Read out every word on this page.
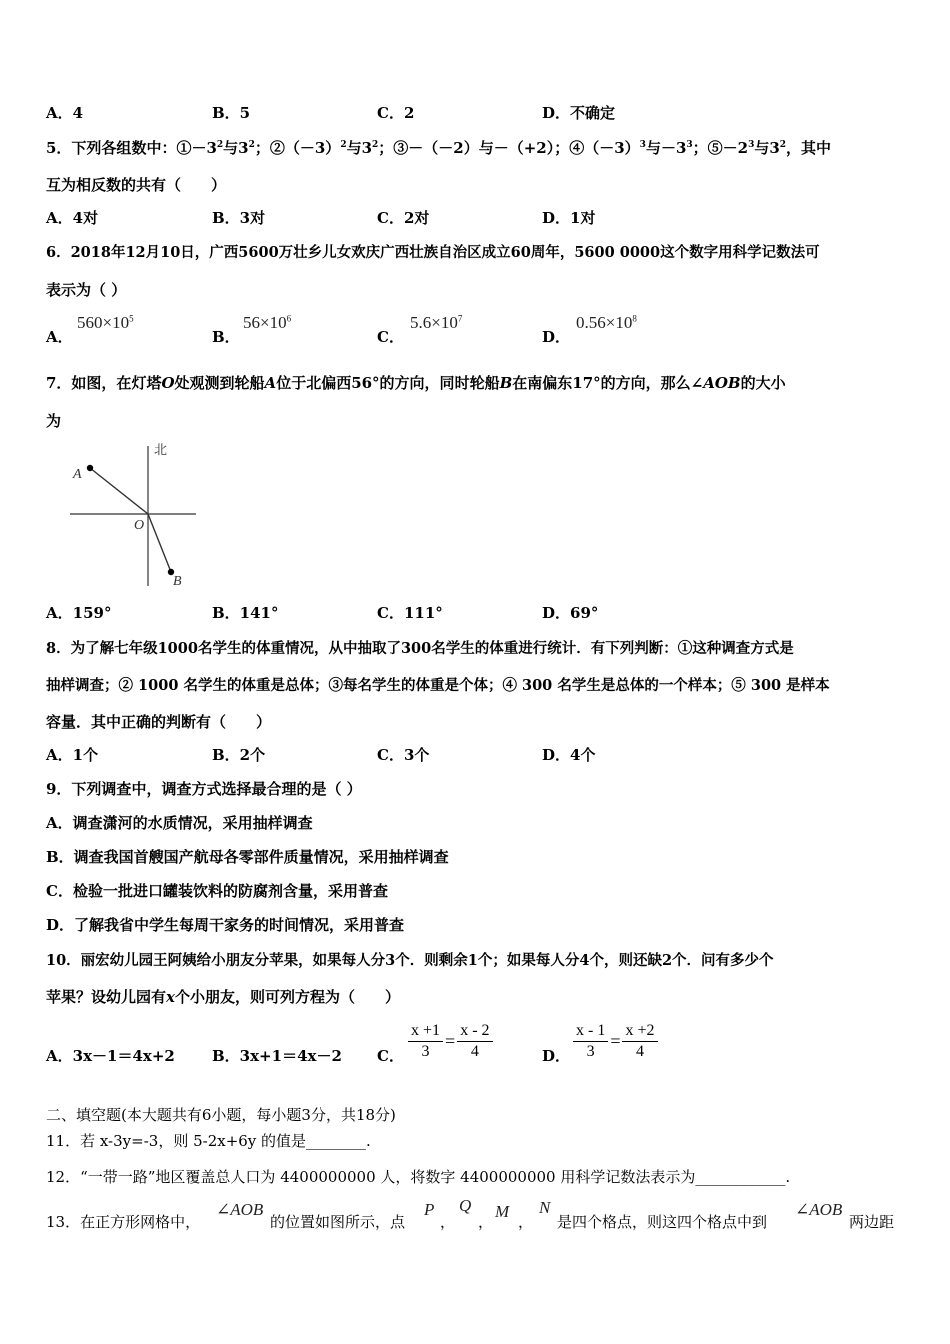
A．4	B．5	C．2	D．不确定
5．下列各组数中：$①-3^2$与$3^2$；$②(-3)^2$与$3^2$；③－（－2）与－（+2）；$④(-3)^3$与$-3^3$；$⑤-2^3$与$3^2$，其中
互为相反数的共有（　　）
A．4对	B．3对	C．2对	D．1对
6．2018年12月10日，广西5600万壮乡儿女欢庆广西壮族自治区成立60周年，5600 0000这个数字用科学记数法可
表示为（ ）
A．
$560\times 10^5$
B．
$56\times 10^6$
C．
$5.6\times 10^7$
D．
$0.56\times 10^8$
7．如图，在灯塔O处观测到轮船A位于北偏西56°的方向，同时轮船B在南偏东17°的方向，那么∠AOB的大小
为
北
A
O
B
A．159°	B．141°	C．111°	D．69°
8．为了解七年级1000名学生的体重情况，从中抽取了300名学生的体重进行统计．有下列判断：①这种调查方式是
抽样调查；② 1000 名学生的体重是总体；③每名学生的体重是个体；④ 300 名学生是总体的一个样本；⑤ 300 是样本
容量．其中正确的判断有（　　）
A．1个	B．2个	C．3个	D．4个
9．下列调查中，调查方式选择最合理的是（ ）
A．调查潇河的水质情况，采用抽样调查
B．调查我国首艘国产航母各零部件质量情况，采用抽样调查
C．检验一批进口罐装饮料的防腐剂含量，采用普查
D．了解我省中学生每周干家务的时间情况，采用普查
10．丽宏幼儿园王阿姨给小朋友分苹果，如果每人分3个．则剩余1个；如果每人分4个，则还缺2个．问有多少个
苹果？设幼儿园有x个小朋友，则可列方程为（　　）
A．3x－1＝4x+2 B．3x+1＝4x－2 C． $\frac{x +1}{3} = \frac{x - 2}{4}$	D． $\frac{x - 1}{3} = \frac{x +2}{4}$
二、填空题(本大题共有6小题，每小题3分，共18分)
11．若 x-3y=-3，则 5-2x+6y 的值是________.
12．“一带一路”地区覆盖总人口为 4400000000 人，将数字 4400000000 用科学记数法表示为____________.
13．在正方形网格中，
∠AOB
的位置如图所示，点
P
，
Q
，
M
，
N
是四个格点，则这四个格点中到
∠AOB
两边距
